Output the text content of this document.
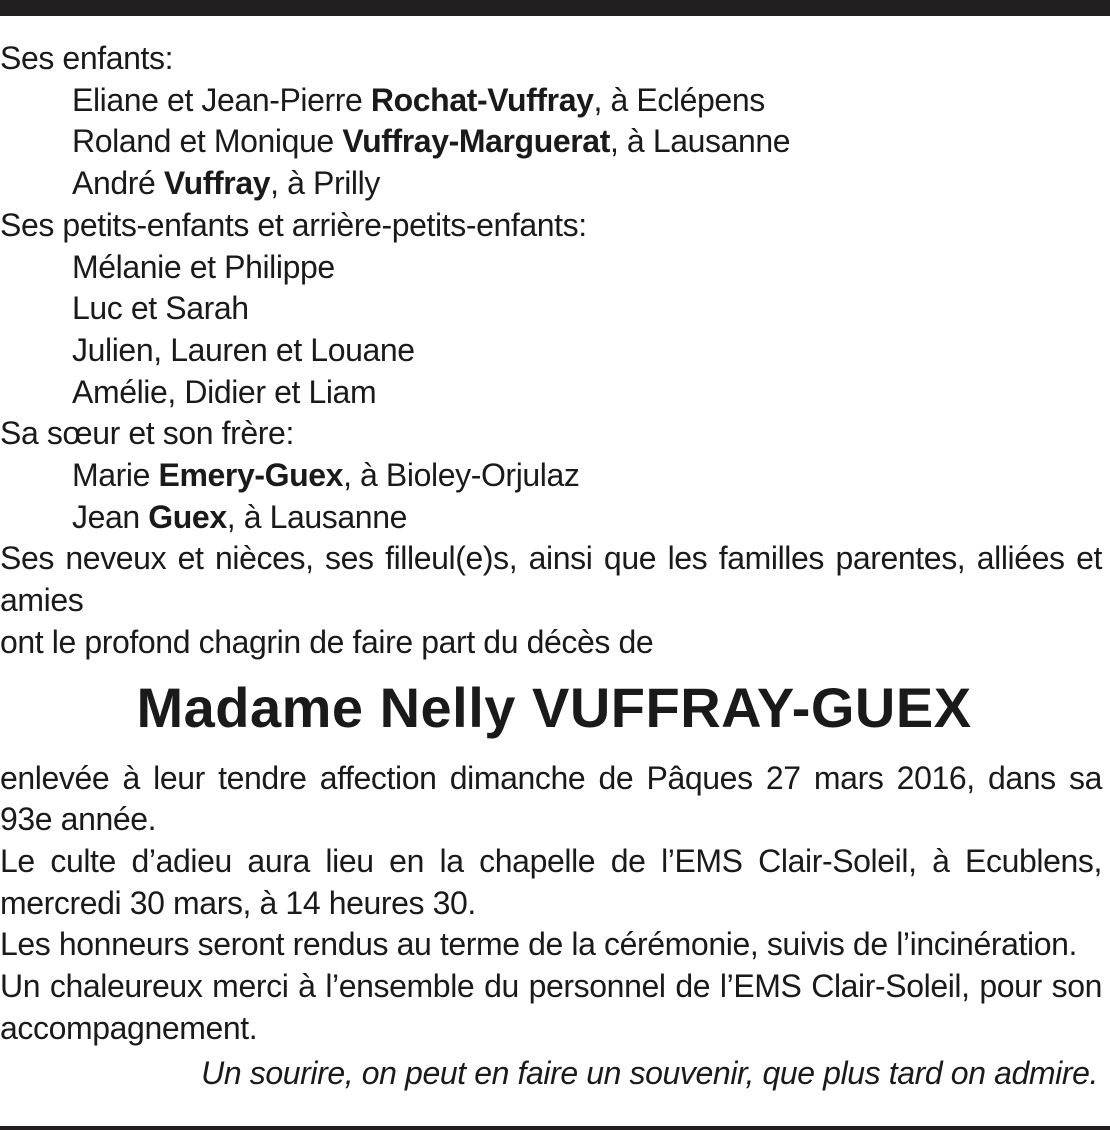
Ses enfants:
Eliane et Jean-Pierre Rochat-Vuffray, à Eclépens
Roland et Monique Vuffray-Marguerat, à Lausanne
André Vuffray, à Prilly
Ses petits-enfants et arrière-petits-enfants:
Mélanie et Philippe
Luc et Sarah
Julien, Lauren et Louane
Amélie, Didier et Liam
Sa sœur et son frère:
Marie Emery-Guex, à Bioley-Orjulaz
Jean Guex, à Lausanne
Ses neveux et nièces, ses filleul(e)s, ainsi que les familles parentes, alliées et amies
ont le profond chagrin de faire part du décès de
Madame Nelly VUFFRAY-GUEX
enlevée à leur tendre affection dimanche de Pâques 27 mars 2016, dans sa 93e année.
Le culte d’adieu aura lieu en la chapelle de l’EMS Clair-Soleil, à Ecublens, mercredi 30 mars, à 14 heures 30.
Les honneurs seront rendus au terme de la cérémonie, suivis de l’incinération.
Un chaleureux merci à l’ensemble du personnel de l’EMS Clair-Soleil, pour son accompagnement.
Un sourire, on peut en faire un souvenir, que plus tard on admire.
